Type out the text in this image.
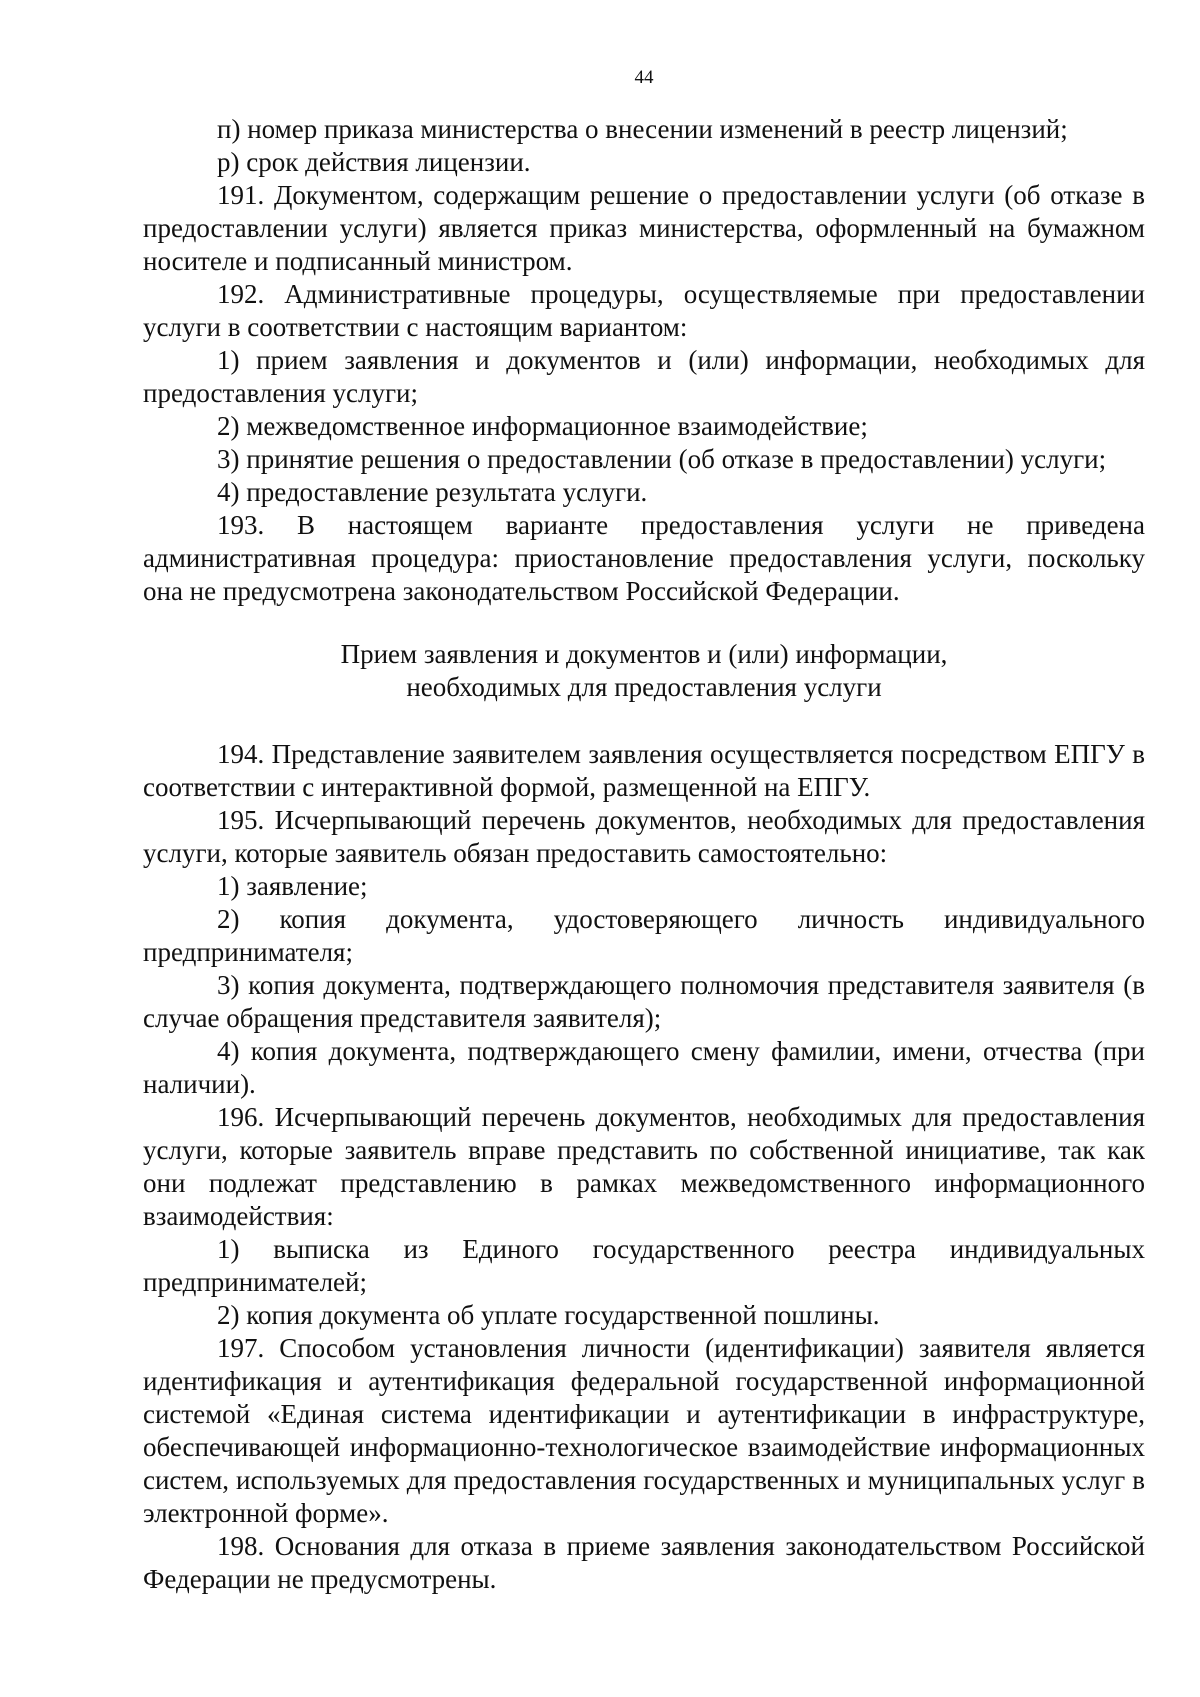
44

п) номер приказа министерства о внесении изменений в реестр лицензий;

р) срок действия лицензии.

191. Документом, содержащим решение о предоставлении услуги (об отказе в предоставлении услуги) является приказ министерства, оформленный на бумажном носителе и подписанный министром.

192. Административные процедуры, осуществляемые при предоставлении услуги в соответствии с настоящим вариантом:

1) прием заявления и документов и (или) информации, необходимых для предоставления услуги;

2) межведомственное информационное взаимодействие;

3) принятие решения о предоставлении (об отказе в предоставлении) услуги;

4) предоставление результата услуги.

193. В настоящем варианте предоставления услуги не приведена административная процедура: приостановление предоставления услуги, поскольку она не предусмотрена законодательством Российской Федерации.

Прием заявления и документов и (или) информации,

необходимых для предоставления услуги

194. Представление заявителем заявления осуществляется посредством ЕПГУ в соответствии с интерактивной формой, размещенной на ЕПГУ.

195. Исчерпывающий перечень документов, необходимых для предоставления услуги, которые заявитель обязан предоставить самостоятельно:

1) заявление;

2) копия документа, удостоверяющего личность индивидуального предпринимателя;

3) копия документа, подтверждающего полномочия представителя заявителя (в случае обращения представителя заявителя);

4) копия документа, подтверждающего смену фамилии, имени, отчества (при наличии).

196. Исчерпывающий перечень документов, необходимых для предоставления услуги, которые заявитель вправе представить по собственной инициативе, так как они подлежат представлению в рамках межведомственного информационного взаимодействия:

1) выписка из Единого государственного реестра индивидуальных предпринимателей;

2) копия документа об уплате государственной пошлины.

197. Способом установления личности (идентификации) заявителя является идентификация и аутентификация федеральной государственной информационной системой «Единая система идентификации и аутентификации в инфраструктуре, обеспечивающей информационно-технологическое взаимодействие информационных систем, используемых для предоставления государственных и муниципальных услуг в электронной форме».

198. Основания для отказа в приеме заявления законодательством Российской Федерации не предусмотрены.
